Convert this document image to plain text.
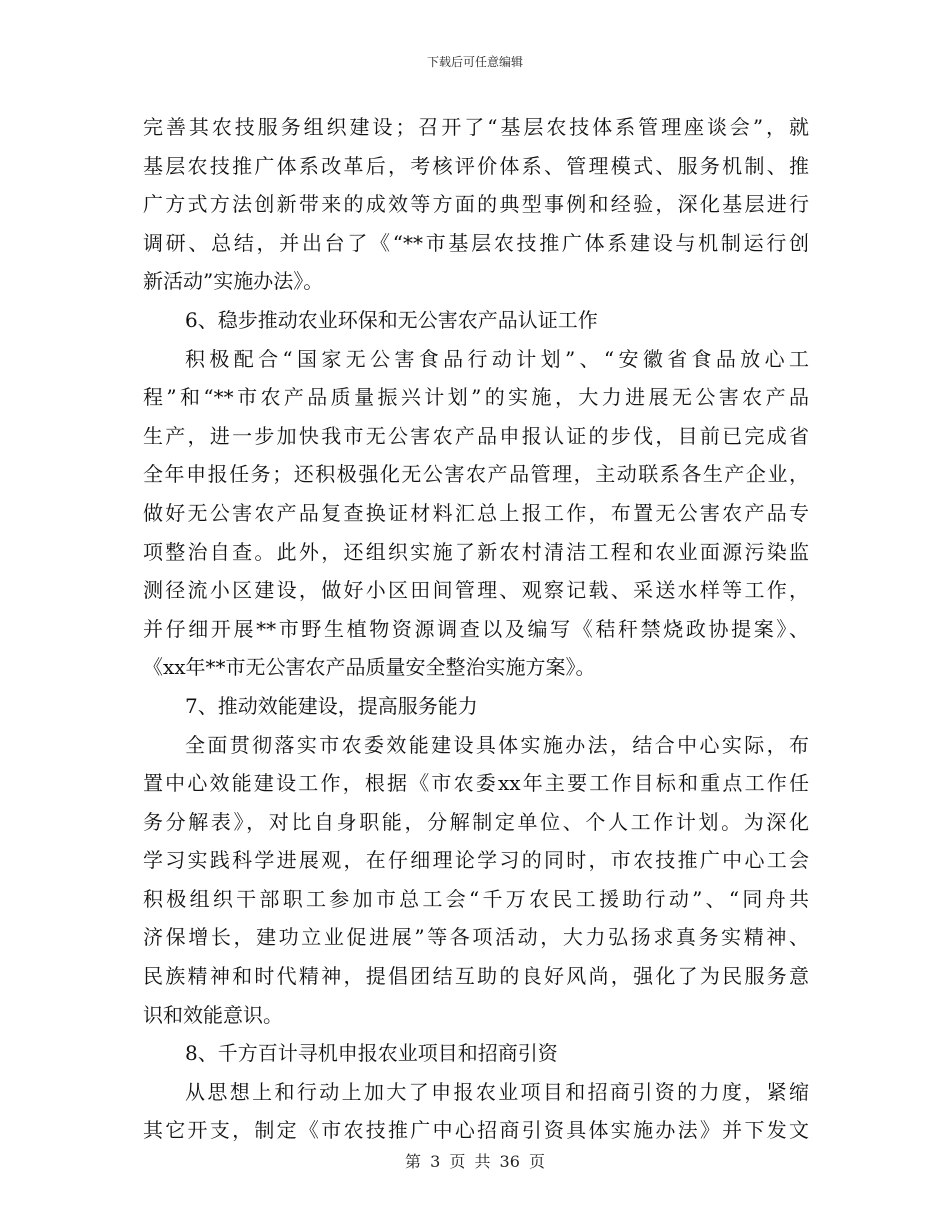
下载后可任意编辑
完善其农技服务组织建设；召开了“基层农技体系管理座谈会”，就
基层农技推广体系改革后，考核评价体系、管理模式、服务机制、推
广方式方法创新带来的成效等方面的典型事例和经验，深化基层进行
调研、总结，并出台了《“**市基层农技推广体系建设与机制运行创
新活动”实施办法》。
6、稳步推动农业环保和无公害农产品认证工作
积极配合“国家无公害食品行动计划”、“安徽省食品放心工
程”和“**市农产品质量振兴计划”的实施，大力进展无公害农产品
生产，进一步加快我市无公害农产品申报认证的步伐，目前已完成省
全年申报任务；还积极强化无公害农产品管理，主动联系各生产企业，
做好无公害农产品复查换证材料汇总上报工作，布置无公害农产品专
项整治自查。此外，还组织实施了新农村清洁工程和农业面源污染监
测径流小区建设，做好小区田间管理、观察记载、采送水样等工作，
并仔细开展**市野生植物资源调查以及编写《秸秆禁烧政协提案》、
《xx年**市无公害农产品质量安全整治实施方案》。
7、推动效能建设，提高服务能力
全面贯彻落实市农委效能建设具体实施办法，结合中心实际，布
置中心效能建设工作，根据《市农委xx年主要工作目标和重点工作任
务分解表》，对比自身职能，分解制定单位、个人工作计划。为深化
学习实践科学进展观，在仔细理论学习的同时，市农技推广中心工会
积极组织干部职工参加市总工会“千万农民工援助行动”、“同舟共
济保增长，建功立业促进展”等各项活动，大力弘扬求真务实精神、
民族精神和时代精神，提倡团结互助的良好风尚，强化了为民服务意
识和效能意识。
8、千方百计寻机申报农业项目和招商引资
从思想上和行动上加大了申报农业项目和招商引资的力度，紧缩
其它开支，制定《市农技推广中心招商引资具体实施办法》并下发文
第 3 页 共 36 页
